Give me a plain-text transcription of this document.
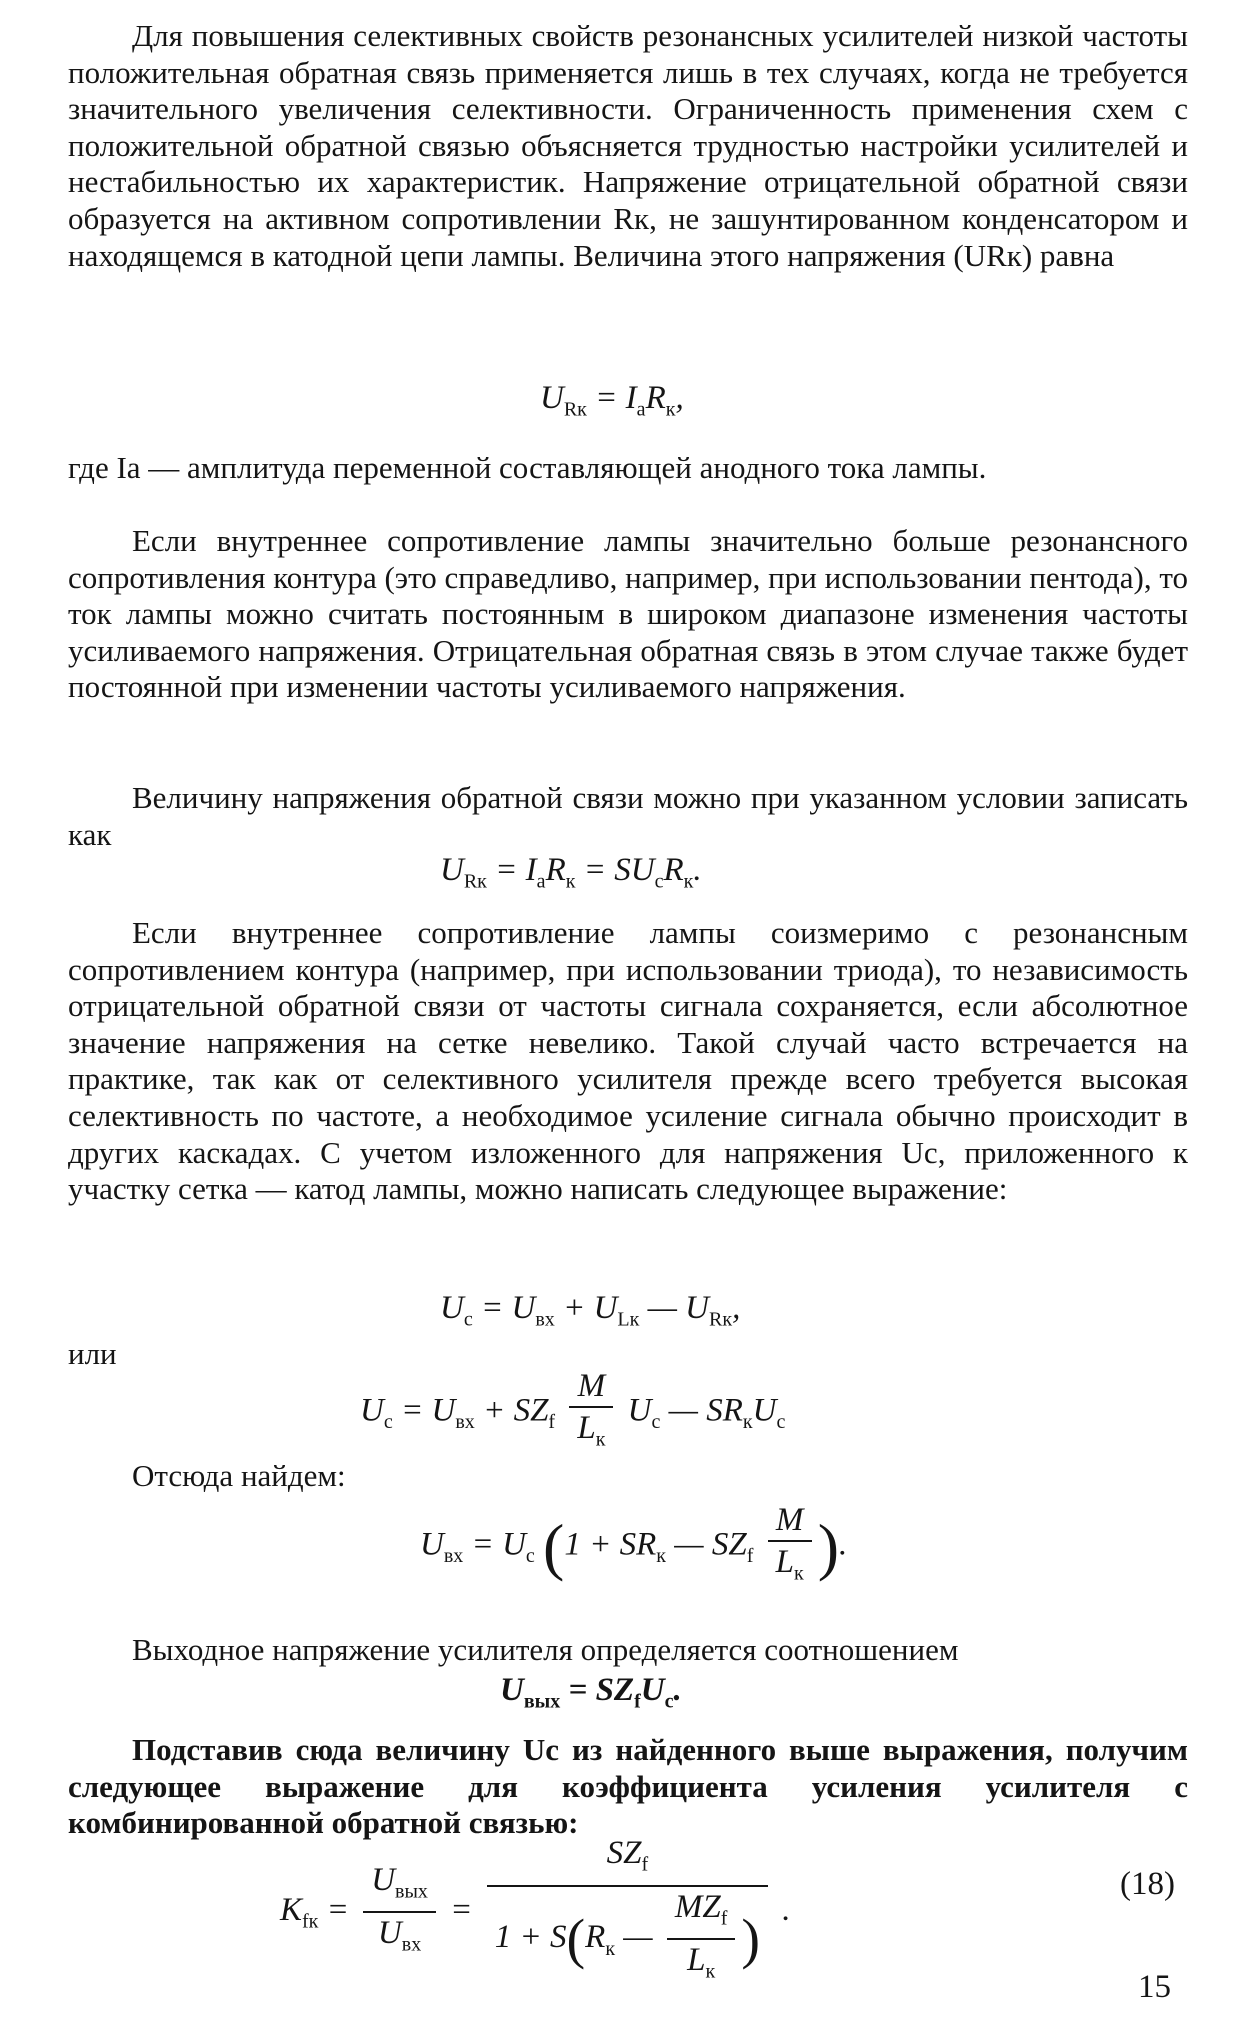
Для повышения селективных свойств резонансных усилителей низкой частоты положительная обратная связь применяется лишь в тех случаях, когда не требуется значительного увеличения селективности. Ограниченность применения схем с положительной обратной связью объясняется трудностью настройки усилителей и нестабильностью их характеристик. Напряжение отрицательной обратной связи образуется на активном сопротивлении Rк, не зашунтированном конденсатором и находящемся в катодной цепи лампы. Величина этого напряжения (URк) равна

$U_{Rк} = I_аR_к$,

где Iа — амплитуда переменной составляющей анодного тока лампы.

Если внутреннее сопротивление лампы значительно больше резонансного сопротивления контура (это справедливо, например, при использовании пентода), то ток лампы можно считать постоянным в широком диапазоне изменения частоты усиливаемого напряжения. Отрицательная обратная связь в этом случае также будет постоянной при изменении частоты усиливаемого напряжения.

Величину напряжения обратной связи можно при указанном условии записать как

$U_{Rк} = I_аR_к = SU_сR_к$.

Если внутреннее сопротивление лампы соизмеримо с резонансным сопротивлением контура (например, при использовании триода), то независимость отрицательной обратной связи от частоты сигнала сохраняется, если абсолютное значение напряжения на сетке невелико. Такой случай часто встречается на практике, так как от селективного усилителя прежде всего требуется высокая селективность по частоте, а необходимое усиление сигнала обычно происходит в других каскадах. С учетом изложенного для напряжения Uс, приложенного к участку сетка — катод лампы, можно написать следующее выражение:

$U_с = U_{вх} + U_{Lк}$ — $U_{Rк}$,

или

$U_с = U_{вх} + SZ_f \frac{M}{L_к} U_с$ — $SR_кU_с$

Отсюда найдем:

$U_{вх} = U_с$ ($1 + SR_к$ — $SZ_f \frac{M}{L_к}$ ).

Выходное напряжение усилителя определяется соотношением

$U_{вых} = SZ_fU_с$.

Подставив сюда величину Uс из найденного выше выражения, получим следующее выражение для коэффициента усиления усилителя с комбинированной обратной связью:

$K_{fк} = \frac{U_{вых}}{U_{вх}} = \frac{SZ_f}{1 + S(R_к — \frac{MZ_f}{L_к} )}$ .
(18)
15
